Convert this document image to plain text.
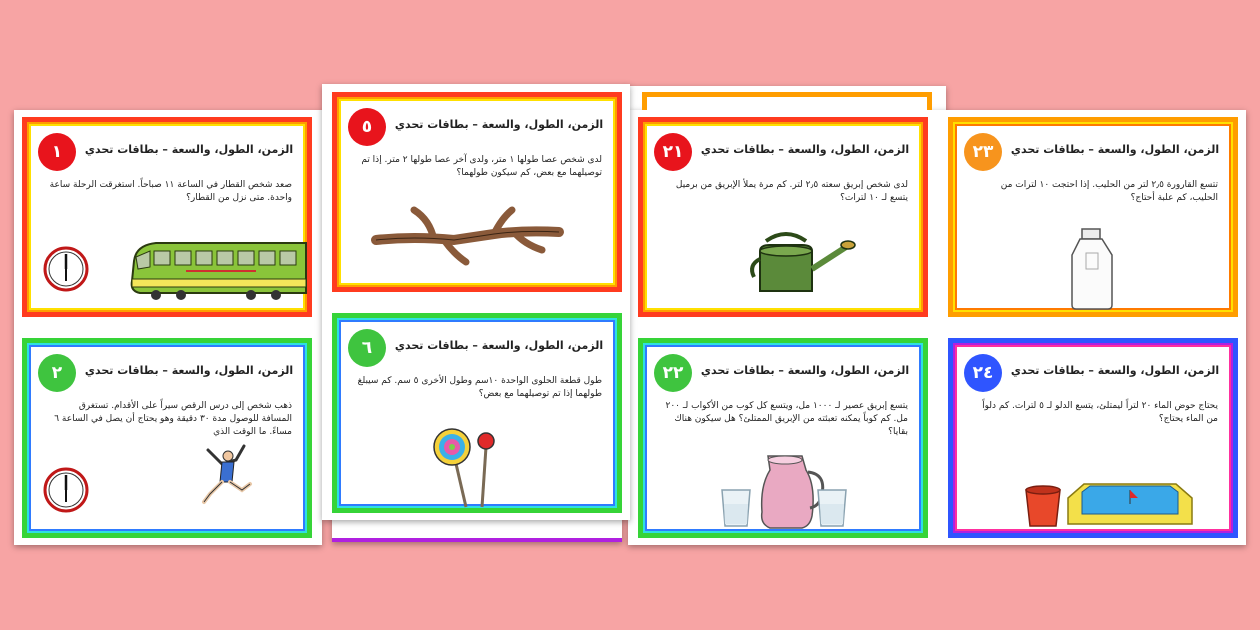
١	الزمن، الطول، والسعة – بطاقات تحدي
صعد شخص القطار في الساعة ١١ صباحاً. استغرقت الرحلة ساعة واحدة. متى نزل من القطار؟
٢	الزمن، الطول، والسعة – بطاقات تحدي
ذهب شخص إلى درس الرقص سيراً على الأقدام. تستغرق المسافة للوصول مدة ٣٠ دقيقة وهو يحتاج أن يصل في الساعة ٦ مساءً. ما الوقت الذي
٥	الزمن، الطول، والسعة – بطاقات تحدي
لدى شخص عصا طولها ١ متر، ولدى آخر عصا طولها ٢ متر. إذا تم توصيلهما مع بعض، كم سيكون طولهما؟
٦	الزمن، الطول، والسعة – بطاقات تحدي
طول قطعة الحلوى الواحدة ١٠سم وطول الأخرى ٥ سم. كم سيبلغ طولهما إذا تم توصيلهما مع بعض؟
٢١	الزمن، الطول، والسعة – بطاقات تحدي
لدى شخص إبريق سعته ٢٫٥ لتر. كم مرة يملأ الإبريق من برميل يتسع لـ ١٠ لترات؟
٢٢	الزمن، الطول، والسعة – بطاقات تحدي
يتسع إبريق عصير لـ ١٠٠٠ مل، ويتسع كل كوب من الأكواب لـ ٢٠٠ مل. كم كوباً يمكنه تعبئته من الإبريق الممتلئ؟ هل سيكون هناك بقايا؟
٢٣	الزمن، الطول، والسعة – بطاقات تحدي
تتسع القارورة ٢٫٥ لتر من الحليب. إذا احتجت ١٠ لترات من الحليب، كم علبة أحتاج؟
٢٤	الزمن، الطول، والسعة – بطاقات تحدي
يحتاج حوض الماء ٢٠ لتراً ليمتلئ، يتسع الدلو لـ ٥ لترات. كم دلواً من الماء يحتاج؟
